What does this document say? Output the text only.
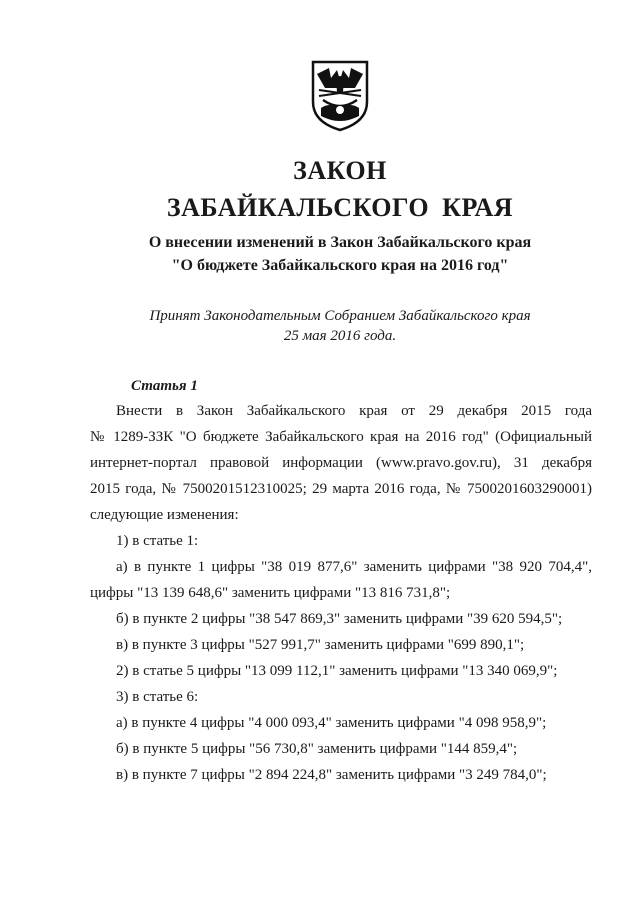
ЗАКОН
ЗАБАЙКАЛЬСКОГО КРАЯ
О внесении изменений в Закон Забайкальского края
"О бюджете Забайкальского края на 2016 год"
Принят Законодательным Собранием Забайкальского края
25 мая 2016 года.
Статья 1
Внести в Закон Забайкальского края от 29 декабря 2015 года
№ 1289-ЗЗК "О бюджете Забайкальского края на 2016 год" (Официальный
интернет-портал правовой информации (www.pravo.gov.ru), 31 декабря
2015 года, № 7500201512310025; 29 марта 2016 года, № 7500201603290001)
следующие изменения:
1) в статье 1:
а) в пункте 1 цифры "38 019 877,6" заменить цифрами "38 920 704,4",
цифры "13 139 648,6" заменить цифрами "13 816 731,8";
б) в пункте 2 цифры "38 547 869,3" заменить цифрами "39 620 594,5";
в) в пункте 3 цифры "527 991,7" заменить цифрами "699 890,1";
2) в статье 5 цифры "13 099 112,1" заменить цифрами "13 340 069,9";
3) в статье 6:
а) в пункте 4 цифры "4 000 093,4" заменить цифрами "4 098 958,9";
б) в пункте 5 цифры "56 730,8" заменить цифрами "144 859,4";
в) в пункте 7 цифры "2 894 224,8" заменить цифрами "3 249 784,0";
